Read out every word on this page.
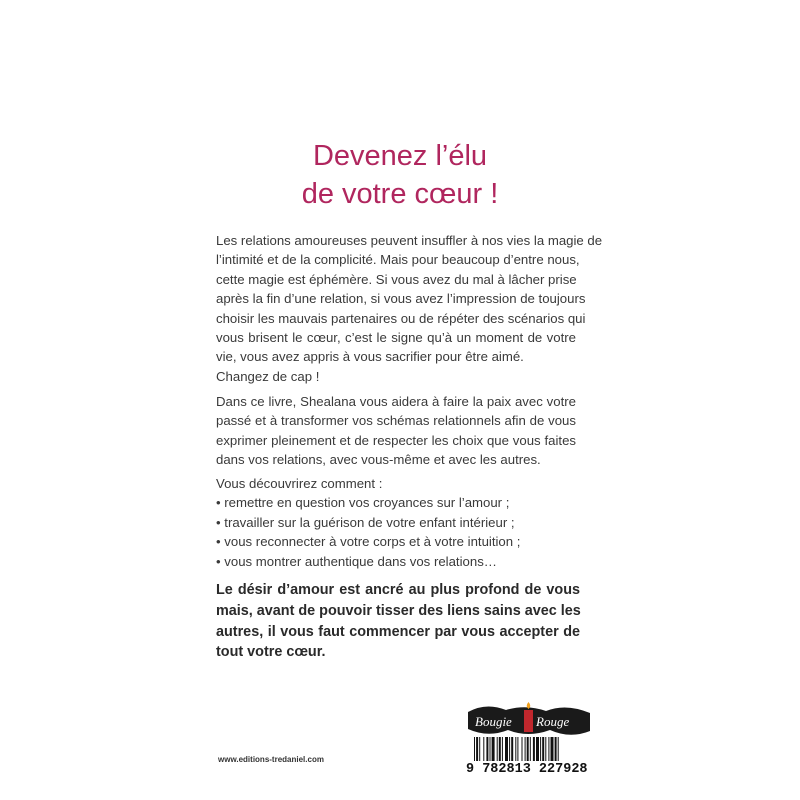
Devenez l’élu
de votre cœur !
Les relations amoureuses peuvent insuffler à nos vies la magie de
l’intimité et de la complicité. Mais pour beaucoup d’entre nous,
cette magie est éphémère. Si vous avez du mal à lâcher prise
après la fin d’une relation, si vous avez l’impression de toujours
choisir les mauvais partenaires ou de répéter des scénarios qui
vous brisent le cœur, c’est le signe qu’à un moment de votre
vie, vous avez appris à vous sacrifier pour être aimé.
Changez de cap !
Dans ce livre, Shealana vous aidera à faire la paix avec votre
passé et à transformer vos schémas relationnels afin de vous
exprimer pleinement et de respecter les choix que vous faites
dans vos relations, avec vous-même et avec les autres.
Vous découvrirez comment :
• remettre en question vos croyances sur l’amour ;
• travailler sur la guérison de votre enfant intérieur ;
• vous reconnecter à votre corps et à votre intuition ;
• vous montrer authentique dans vos relations…
Le désir d’amour est ancré au plus profond de vous
mais, avant de pouvoir tisser des liens sains avec les
autres, il vous faut commencer par vous accepter de
tout votre cœur.
www.editions-tredaniel.com
Bougie Rouge
9 782813 227928
